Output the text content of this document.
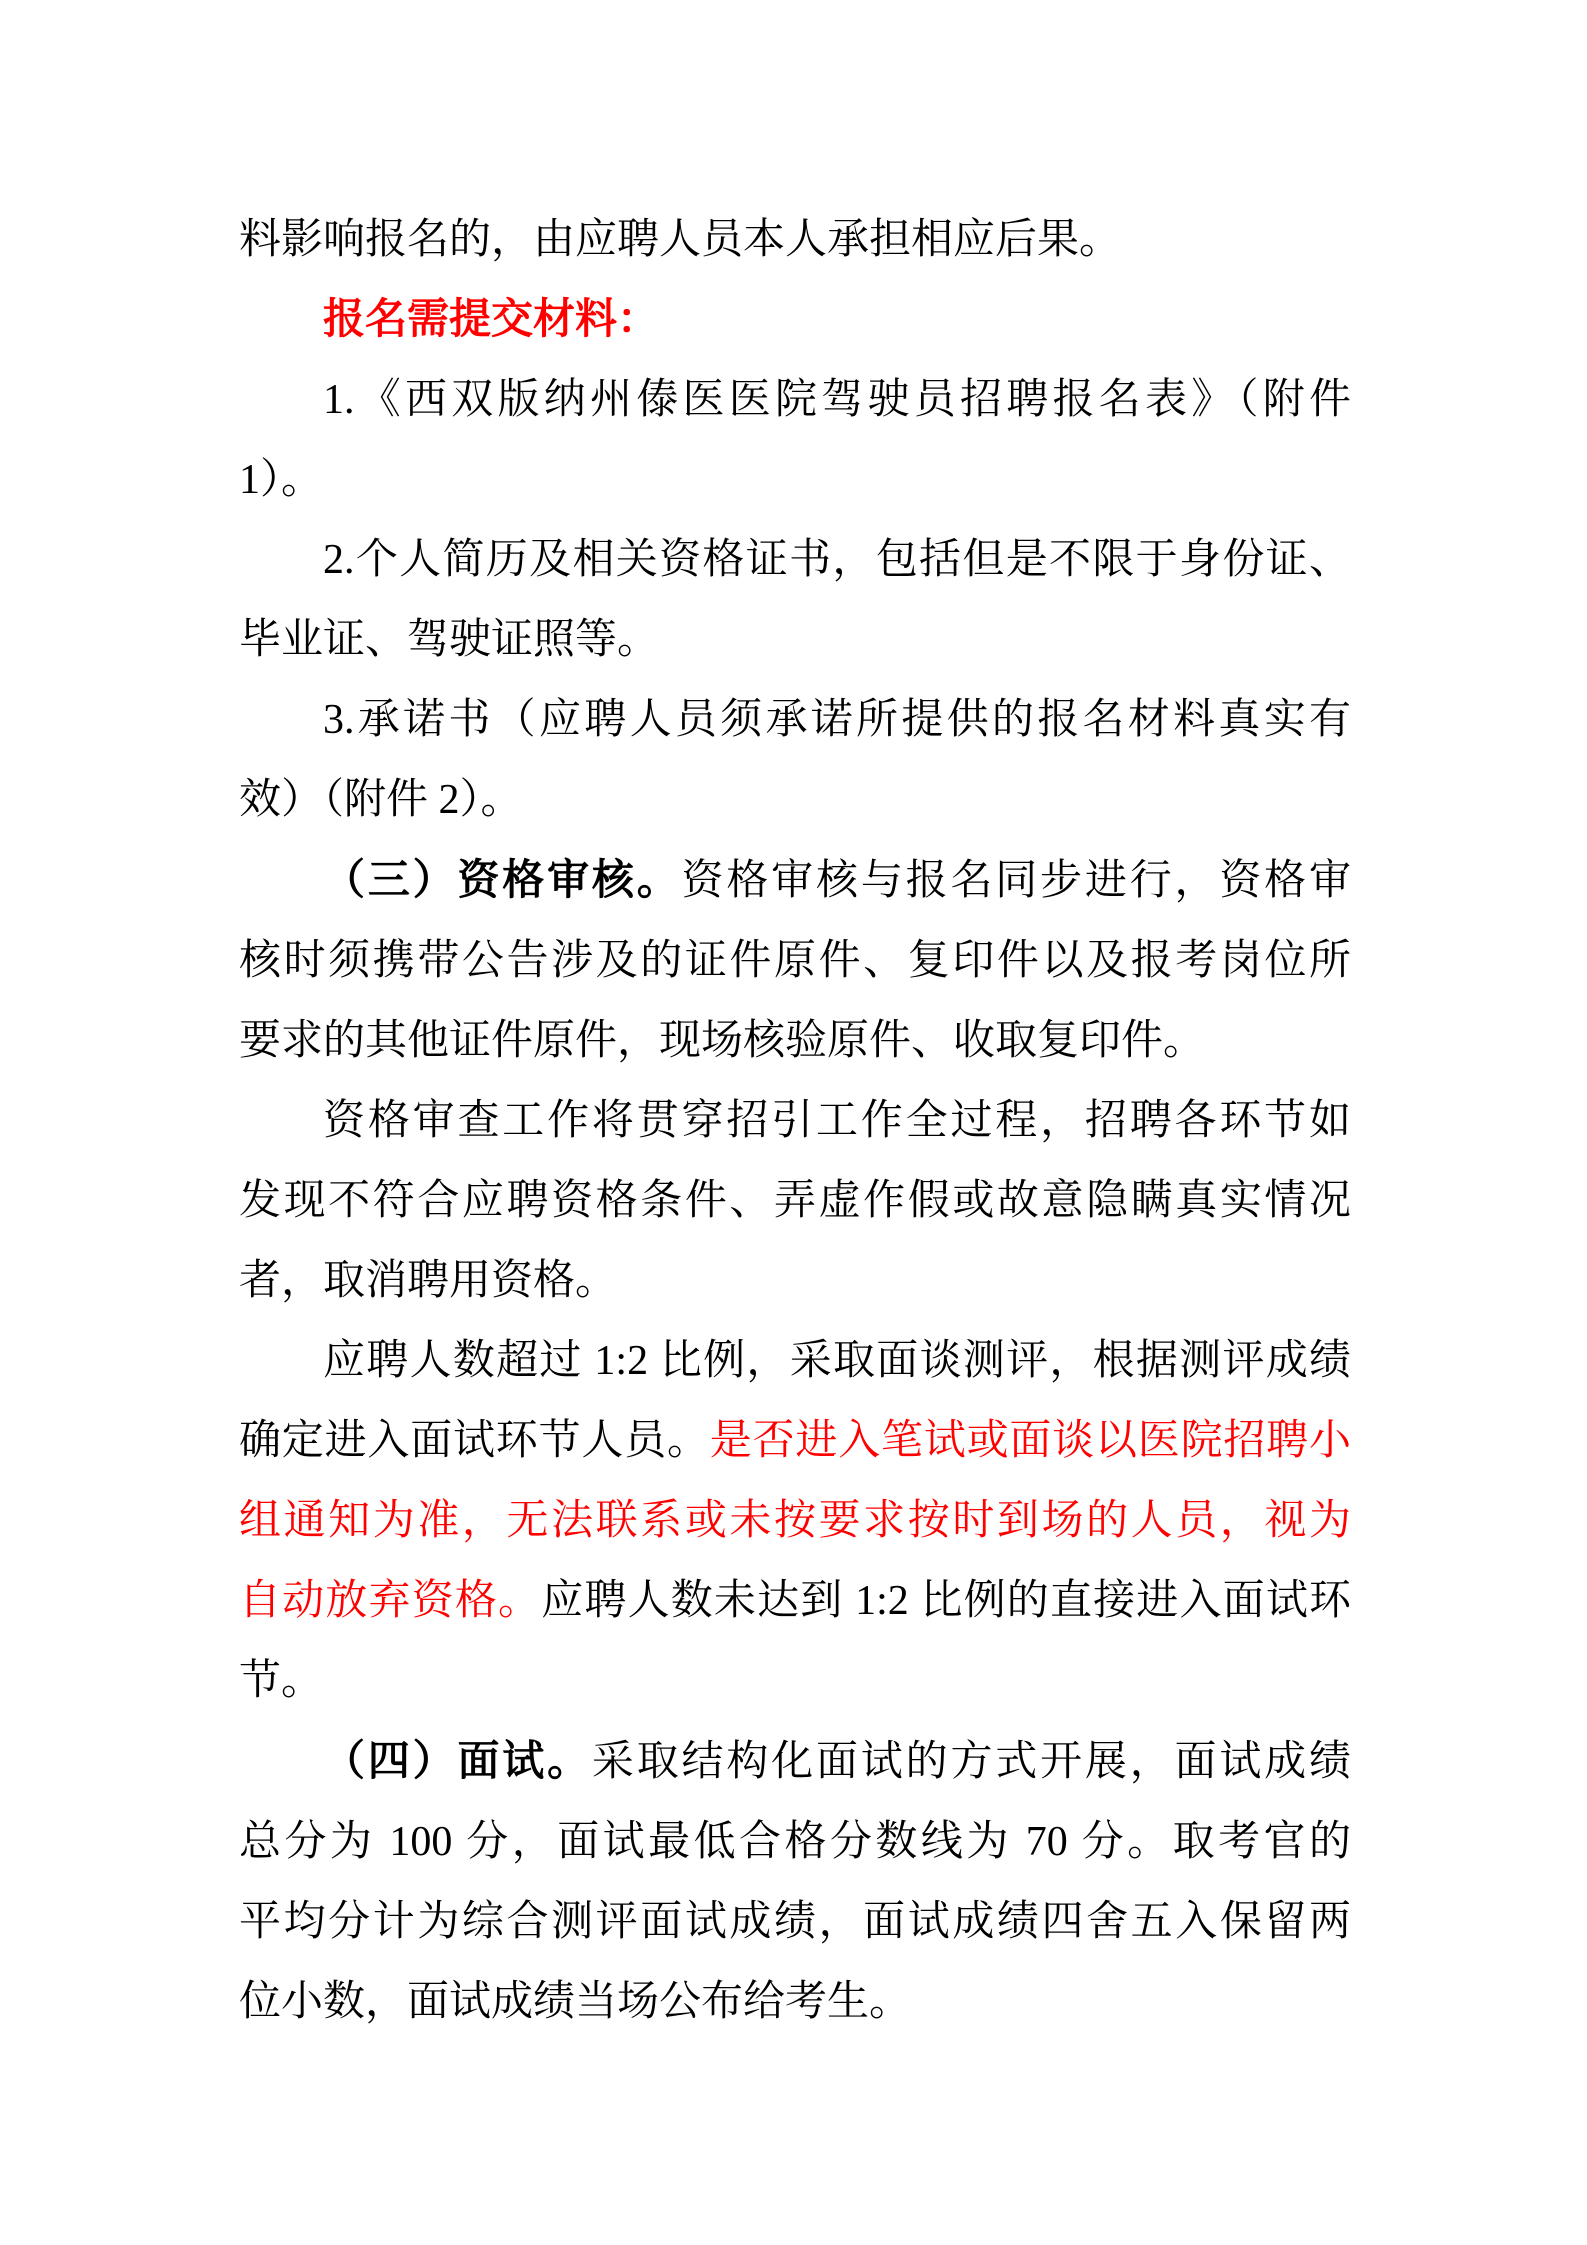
料影响报名的，由应聘人员本人承担相应后果。
报名需提交材料：
1.《西双版纳州傣医医院驾驶员招聘报名表》（附件
1）。
2.个人简历及相关资格证书，包括但是不限于身份证、
毕业证、驾驶证照等。
3.承诺书（应聘人员须承诺所提供的报名材料真实有
效）（附件 2）。
（三）资格审核。资格审核与报名同步进行，资格审
核时须携带公告涉及的证件原件、复印件以及报考岗位所
要求的其他证件原件，现场核验原件、收取复印件。
资格审查工作将贯穿招引工作全过程，招聘各环节如
发现不符合应聘资格条件、弄虚作假或故意隐瞒真实情况
者，取消聘用资格。
应聘人数超过 1:2 比例，采取面谈测评，根据测评成绩
确定进入面试环节人员。是否进入笔试或面谈以医院招聘小
组通知为准，无法联系或未按要求按时到场的人员，视为
自动放弃资格。应聘人数未达到 1:2 比例的直接进入面试环
节。
（四）面试。采取结构化面试的方式开展，面试成绩
总分为 100 分，面试最低合格分数线为 70 分。取考官的
平均分计为综合测评面试成绩，面试成绩四舍五入保留两
位小数，面试成绩当场公布给考生。
